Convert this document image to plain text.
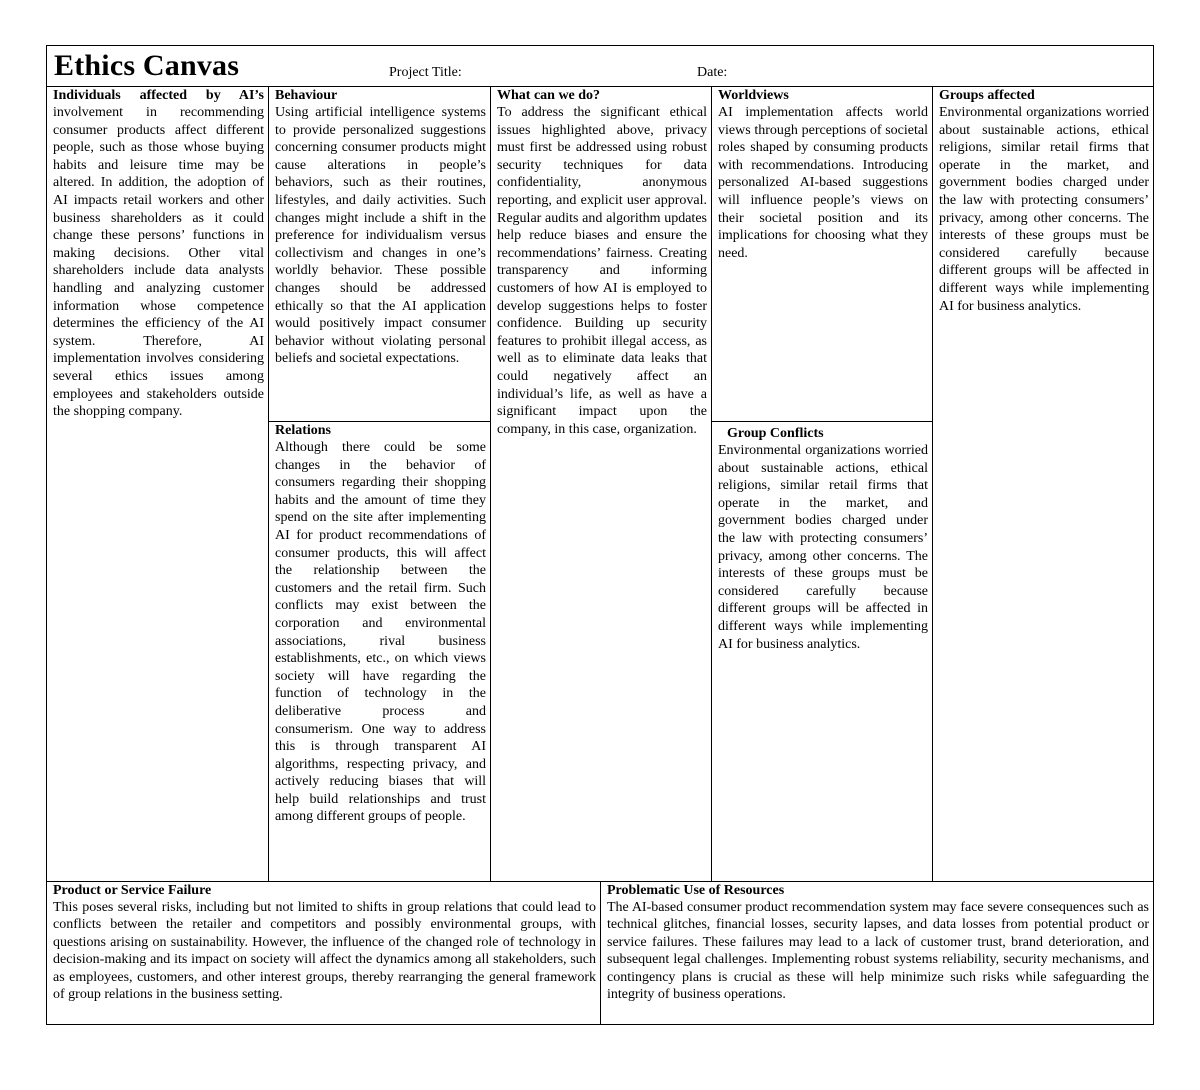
Ethics Canvas	Project Title:	Date:
Individuals affected by AI’s

involvement in recommending consumer products affect different people, such as those whose buying habits and leisure time may be altered. In addition, the adoption of AI impacts retail workers and other business shareholders as it could change these persons’ functions in making decisions. Other vital shareholders include data analysts handling and analyzing customer information whose competence determines the efficiency of the AI system. Therefore, AI implementation involves considering several ethics issues among employees and stakeholders outside the shopping company.

Behaviour

Using artificial intelligence systems to provide personalized suggestions concerning consumer products might cause alterations in people’s behaviors, such as their routines, lifestyles, and daily activities. Such changes might include a shift in the preference for individualism versus collectivism and changes in one’s worldly behavior. These possible changes should be addressed ethically so that the AI application would positively impact consumer behavior without violating personal beliefs and societal expectations.

Relations

Although there could be some changes in the behavior of consumers regarding their shopping habits and the amount of time they spend on the site after implementing AI for product recommendations of consumer products, this will affect the relationship between the customers and the retail firm. Such conflicts may exist between the corporation and environmental associations, rival business establishments, etc., on which views society will have regarding the function of technology in the deliberative process and consumerism. One way to address this is through transparent AI algorithms, respecting privacy, and actively reducing biases that will help build relationships and trust among different groups of people.

What can we do?

To address the significant ethical issues highlighted above, privacy must first be addressed using robust security techniques for data confidentiality, anonymous reporting, and explicit user approval. Regular audits and algorithm updates help reduce biases and ensure the recommendations’ fairness. Creating transparency and informing customers of how AI is employed to develop suggestions helps to foster confidence. Building up security features to prohibit illegal access, as well as to eliminate data leaks that could negatively affect an individual’s life, as well as have a significant impact upon the company, in this case, organization.

Worldviews

AI implementation affects world views through perceptions of societal roles shaped by consuming products with recommendations. Introducing personalized AI-based suggestions will influence people’s views on their societal position and its implications for choosing what they need.

Group Conflicts

Environmental organizations worried about sustainable actions, ethical religions, similar retail firms that operate in the market, and government bodies charged under the law with protecting consumers’ privacy, among other concerns. The interests of these groups must be considered carefully because different groups will be affected in different ways while implementing AI for business analytics.

Groups affected

Environmental organizations worried about sustainable actions, ethical religions, similar retail firms that operate in the market, and government bodies charged under the law with protecting consumers’ privacy, among other concerns. The interests of these groups must be considered carefully because different groups will be affected in different ways while implementing AI for business analytics.

Product or Service Failure

This poses several risks, including but not limited to shifts in group relations that could lead to conflicts between the retailer and competitors and possibly environmental groups, with questions arising on sustainability. However, the influence of the changed role of technology in decision-making and its impact on society will affect the dynamics among all stakeholders, such as employees, customers, and other interest groups, thereby rearranging the general framework of group relations in the business setting.

Problematic Use of Resources

The AI-based consumer product recommendation system may face severe consequences such as technical glitches, financial losses, security lapses, and data losses from potential product or service failures. These failures may lead to a lack of customer trust, brand deterioration, and subsequent legal challenges. Implementing robust systems reliability, security mechanisms, and contingency plans is crucial as these will help minimize such risks while safeguarding the integrity of business operations.
